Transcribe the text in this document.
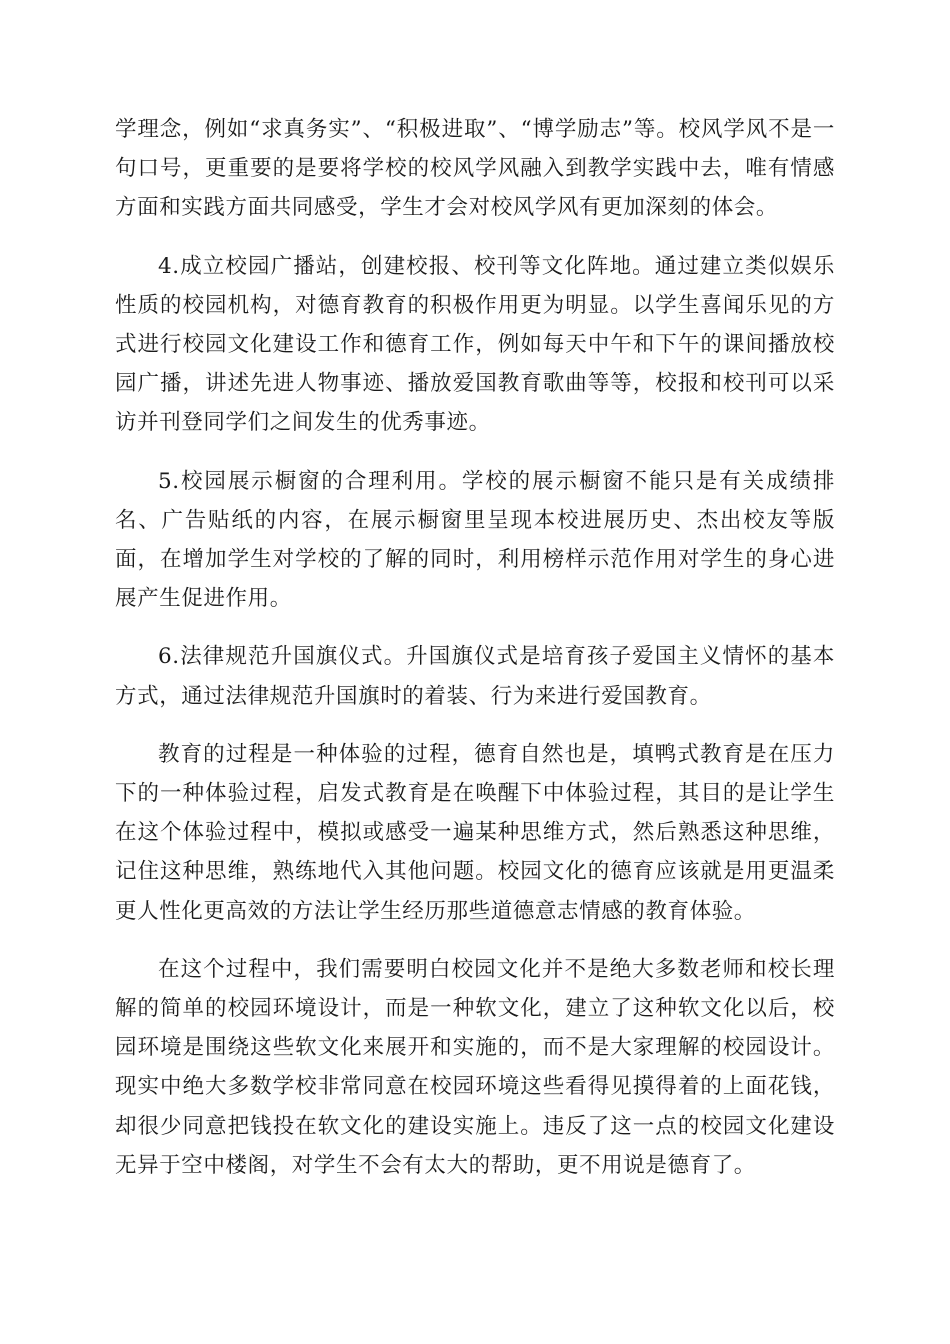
学理念，例如“求真务实”、“积极进取”、“博学励志”等。校风学风不是一句口号，更重要的是要将学校的校风学风融入到教学实践中去，唯有情感方面和实践方面共同感受，学生才会对校风学风有更加深刻的体会。

4.成立校园广播站，创建校报、校刊等文化阵地。通过建立类似娱乐性质的校园机构，对德育教育的积极作用更为明显。以学生喜闻乐见的方式进行校园文化建设工作和德育工作，例如每天中午和下午的课间播放校园广播，讲述先进人物事迹、播放爱国教育歌曲等等，校报和校刊可以采访并刊登同学们之间发生的优秀事迹。

5.校园展示橱窗的合理利用。学校的展示橱窗不能只是有关成绩排名、广告贴纸的内容，在展示橱窗里呈现本校进展历史、杰出校友等版面，在增加学生对学校的了解的同时，利用榜样示范作用对学生的身心进展产生促进作用。

6.法律规范升国旗仪式。升国旗仪式是培育孩子爱国主义情怀的基本方式，通过法律规范升国旗时的着装、行为来进行爱国教育。

教育的过程是一种体验的过程，德育自然也是，填鸭式教育是在压力下的一种体验过程，启发式教育是在唤醒下中体验过程，其目的是让学生在这个体验过程中，模拟或感受一遍某种思维方式，然后熟悉这种思维，记住这种思维，熟练地代入其他问题。校园文化的德育应该就是用更温柔更人性化更高效的方法让学生经历那些道德意志情感的教育体验。

在这个过程中，我们需要明白校园文化并不是绝大多数老师和校长理解的简单的校园环境设计，而是一种软文化，建立了这种软文化以后，校园环境是围绕这些软文化来展开和实施的，而不是大家理解的校园设计。现实中绝大多数学校非常同意在校园环境这些看得见摸得着的上面花钱，却很少同意把钱投在软文化的建设实施上。违反了这一点的校园文化建设无异于空中楼阁，对学生不会有太大的帮助，更不用说是德育了。
